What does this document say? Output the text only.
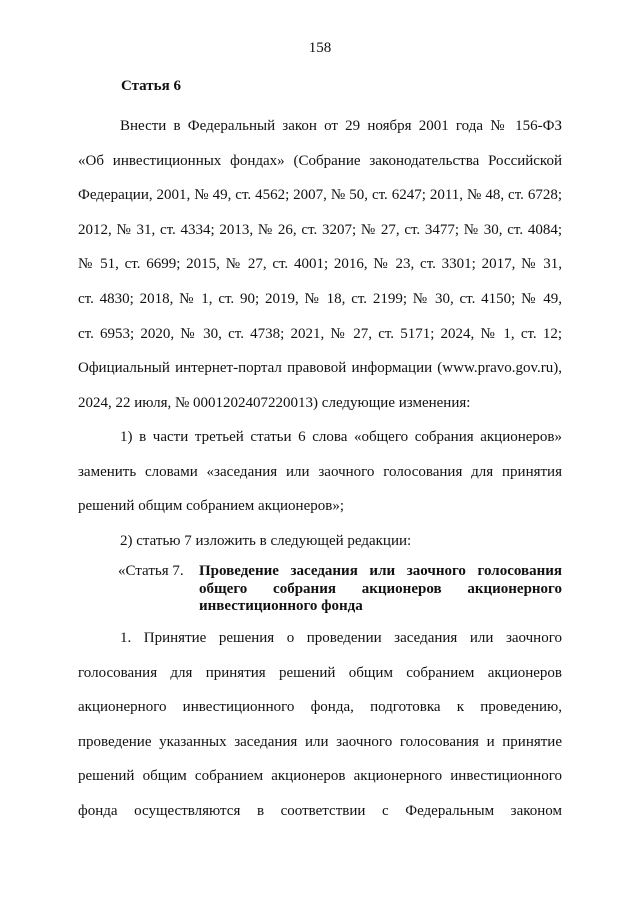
158
Статья 6
Внести в Федеральный закон от 29 ноября 2001 года № 156-ФЗ
«Об инвестиционных фондах» (Собрание законодательства Российской
Федерации, 2001, № 49, ст. 4562; 2007, № 50, ст. 6247; 2011, № 48, ст. 6728;
2012, № 31, ст. 4334; 2013, № 26, ст. 3207; № 27, ст. 3477; № 30, ст. 4084;
№ 51, ст. 6699; 2015, № 27, ст. 4001; 2016, № 23, ст. 3301; 2017, № 31,
ст. 4830; 2018, № 1, ст. 90; 2019, № 18, ст. 2199; № 30, ст. 4150; № 49,
ст. 6953; 2020, № 30, ст. 4738; 2021, № 27, ст. 5171; 2024, № 1, ст. 12;
Официальный интернет-портал правовой информации (www.pravo.gov.ru),
2024, 22 июля, № 0001202407220013) следующие изменения:
1) в части третьей статьи 6 слова «общего собрания акционеров»
заменить словами «заседания или заочного голосования для принятия
решений общим собранием акционеров»;
2) статью 7 изложить в следующей редакции:
«Статья 7. Проведение заседания или заочного голосования
общего собрания акционеров акционерного
инвестиционного фонда
1. Принятие решения о проведении заседания или заочного
голосования для принятия решений общим собранием акционеров
акционерного инвестиционного фонда, подготовка к проведению,
проведение указанных заседания или заочного голосования и принятие
решений общим собранием акционеров акционерного инвестиционного
фонда осуществляются в соответствии с Федеральным законом
